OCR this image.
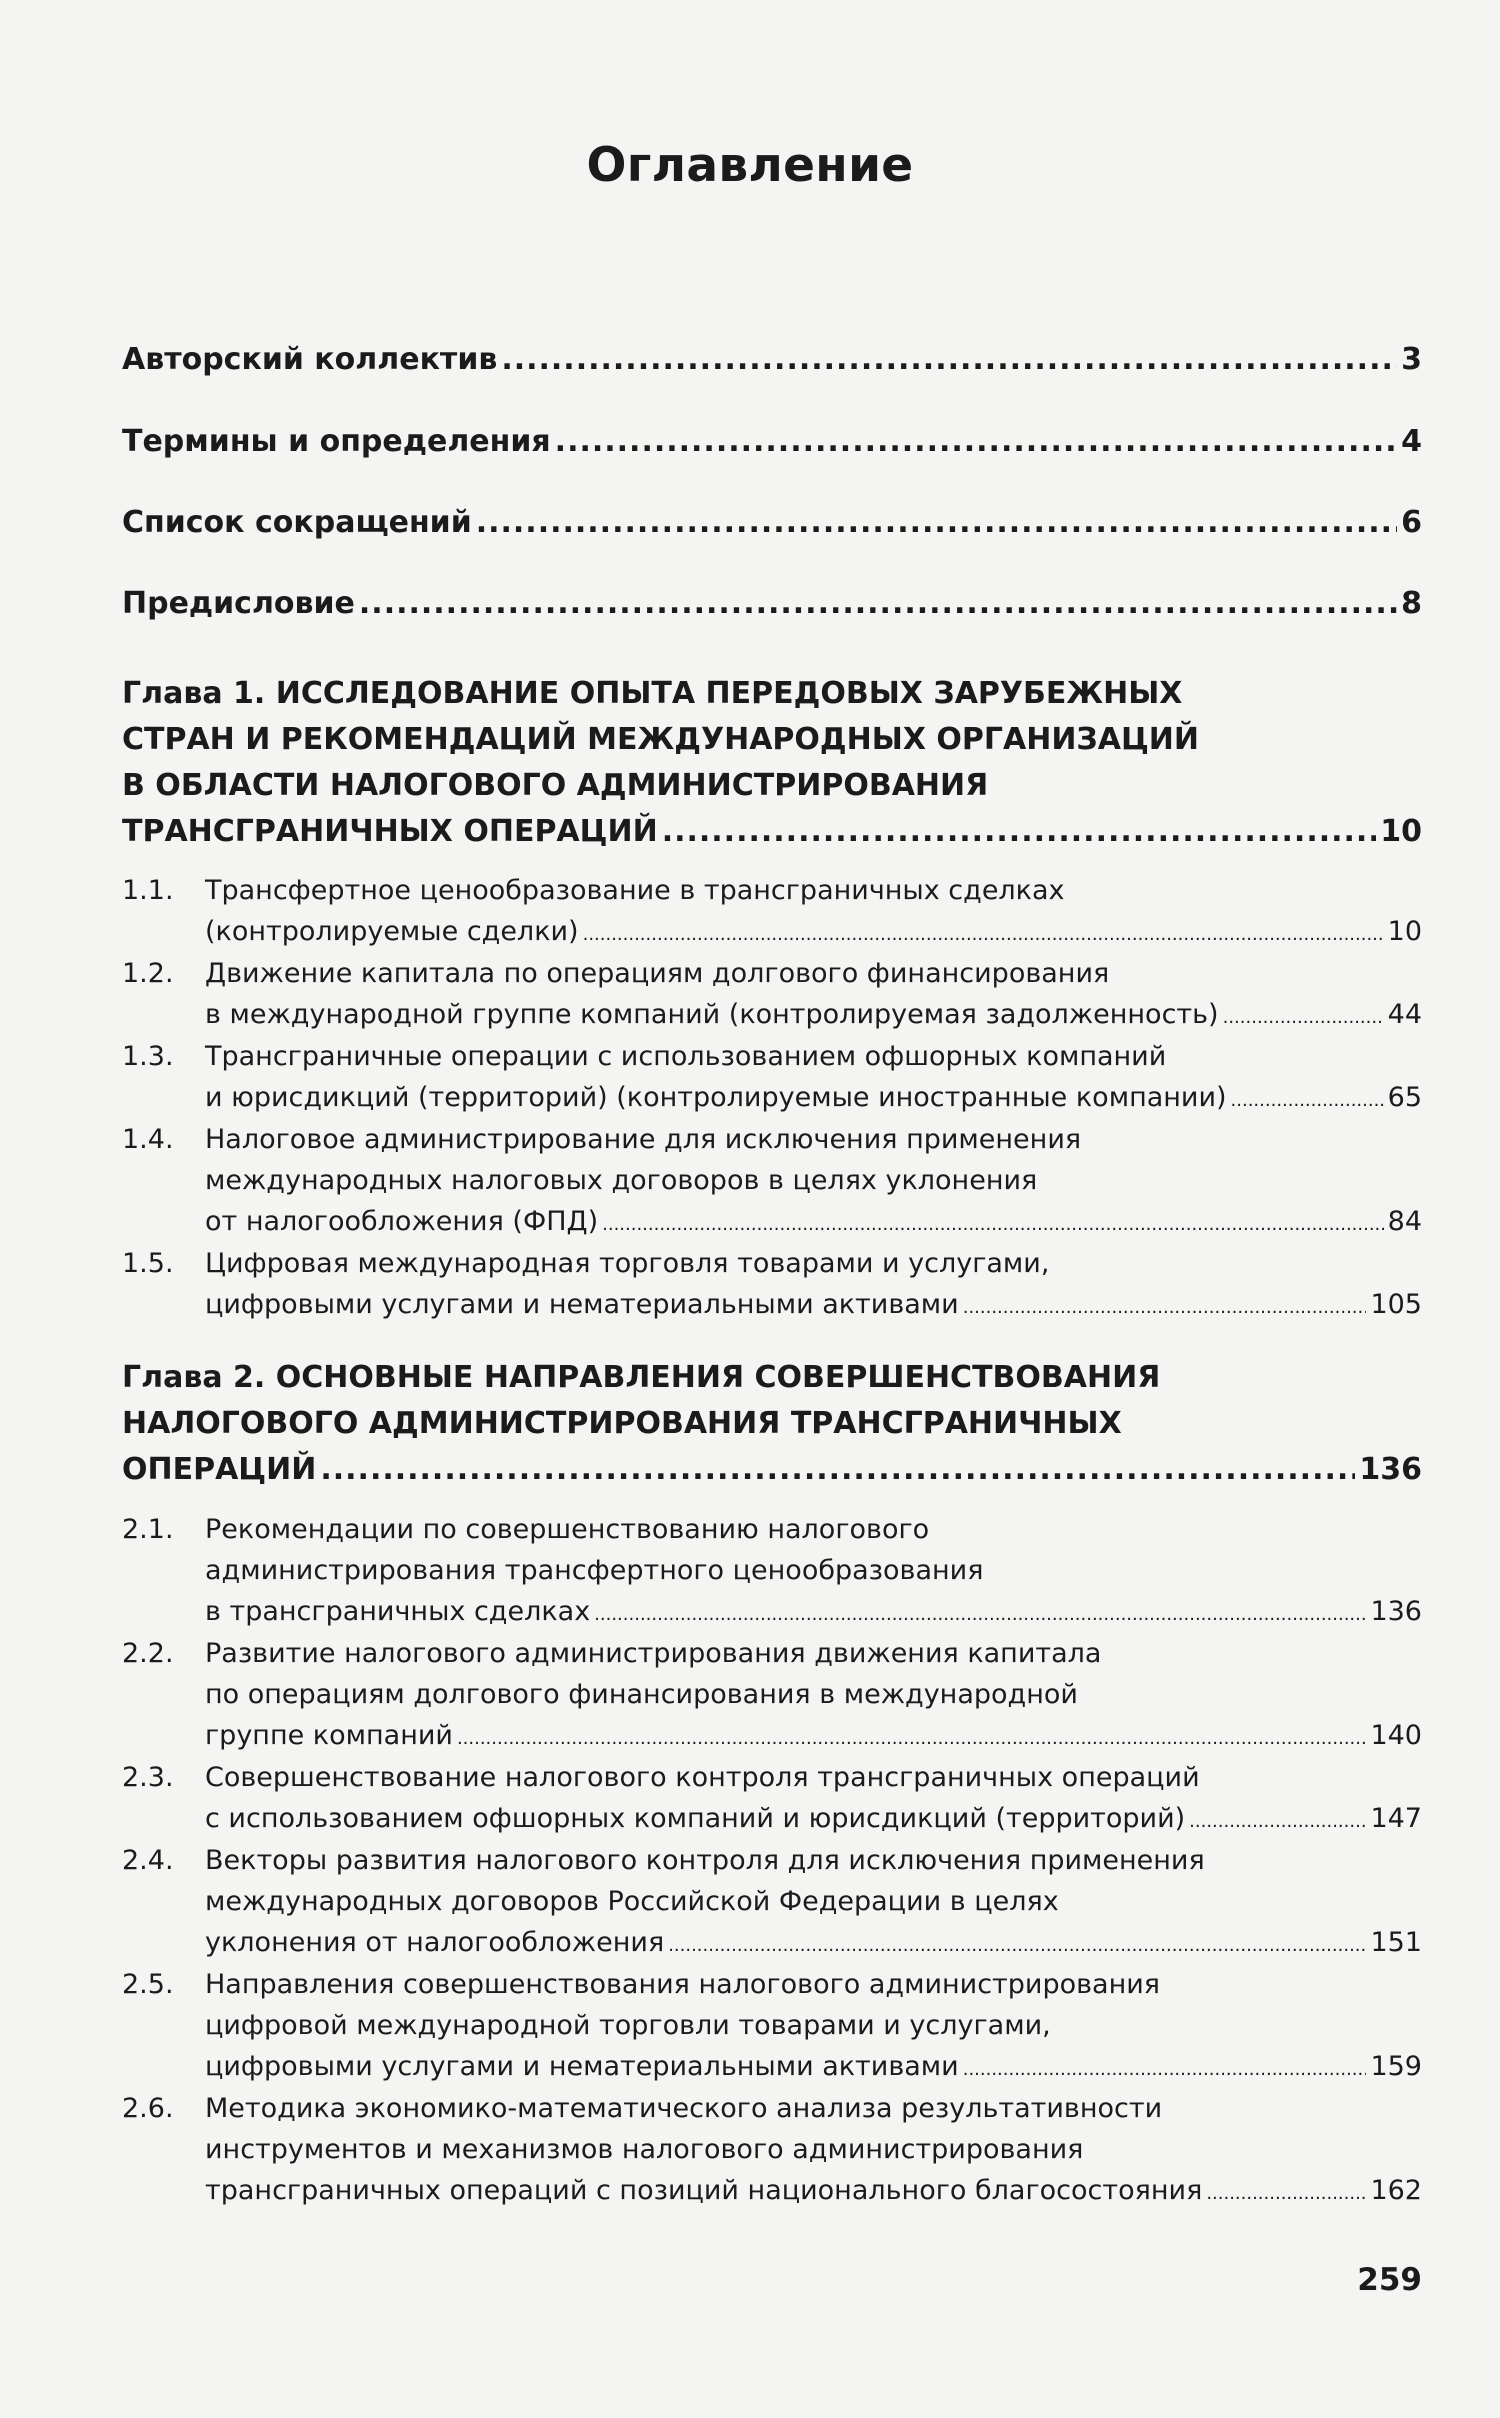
Оглавление
Авторский коллектив .....	3
Термины и определения .....	4
Список сокращений .....	6
Предисловие .....	8
Глава 1. ИССЛЕДОВАНИЕ ОПЫТА ПЕРЕДОВЫХ ЗАРУБЕЖНЫХ
СТРАН И РЕКОМЕНДАЦИЙ МЕЖДУНАРОДНЫХ ОРГАНИЗАЦИЙ
В ОБЛАСТИ НАЛОГОВОГО АДМИНИСТРИРОВАНИЯ
ТРАНСГРАНИЧНЫХ ОПЕРАЦИЙ .....	10
1.1.	Трансфертное ценообразование в трансграничных сделках
(контролируемые сделки) .....	10
1.2.	Движение капитала по операциям долгового финансирования
в международной группе компаний (контролируемая задолженность) .....	44
1.3.	Трансграничные операции с использованием офшорных компаний
и юрисдикций (территорий) (контролируемые иностранные компании) .....	65
1.4.	Налоговое администрирование для исключения применения
международных налоговых договоров в целях уклонения
от налогообложения (ФПД) .....	84
1.5.	Цифровая международная торговля товарами и услугами,
цифровыми услугами и нематериальными активами .....	105
Глава 2. ОСНОВНЫЕ НАПРАВЛЕНИЯ СОВЕРШЕНСТВОВАНИЯ
НАЛОГОВОГО АДМИНИСТРИРОВАНИЯ ТРАНСГРАНИЧНЫХ
ОПЕРАЦИЙ .....	136
2.1.	Рекомендации по совершенствованию налогового
администрирования трансфертного ценообразования
в трансграничных сделках .....	136
2.2.	Развитие налогового администрирования движения капитала
по операциям долгового финансирования в международной
группе компаний .....	140
2.3.	Совершенствование налогового контроля трансграничных операций
с использованием офшорных компаний и юрисдикций (территорий) .....	147
2.4.	Векторы развития налогового контроля для исключения применения
международных договоров Российской Федерации в целях
уклонения от налогообложения .....	151
2.5.	Направления совершенствования налогового администрирования
цифровой международной торговли товарами и услугами,
цифровыми услугами и нематериальными активами .....	159
2.6.	Методика экономико-математического анализа результативности
инструментов и механизмов налогового администрирования
трансграничных операций с позиций национального благосостояния .....	162
259
